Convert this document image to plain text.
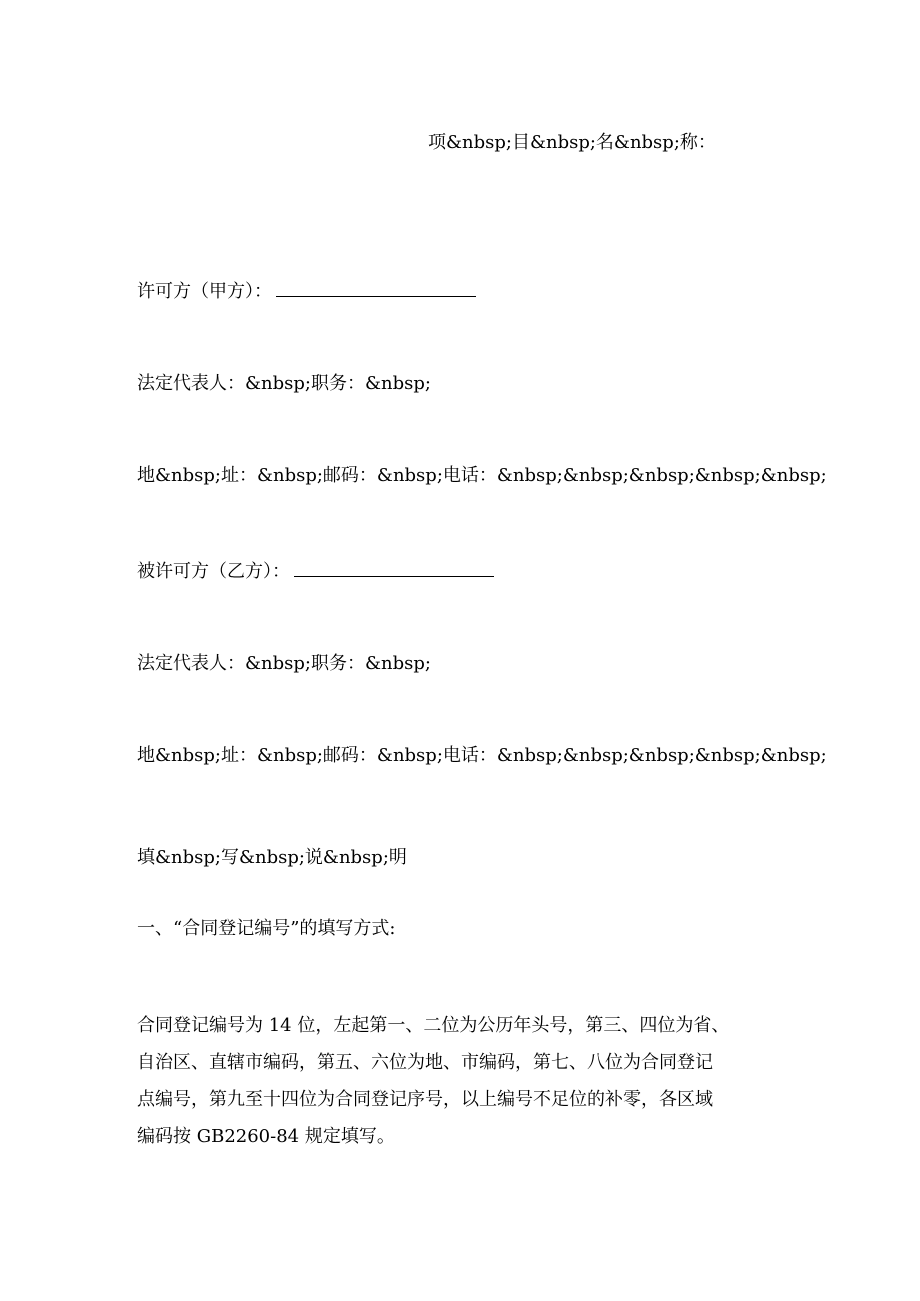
项&nbsp;目&nbsp;名&nbsp;称：
许可方（甲方）：
法定代表人：&nbsp;职务：&nbsp;
地&nbsp;址：&nbsp;邮码：&nbsp;电话：&nbsp;&nbsp;&nbsp;&nbsp;&nbsp;
被许可方（乙方）：
法定代表人：&nbsp;职务：&nbsp;
地&nbsp;址：&nbsp;邮码：&nbsp;电话：&nbsp;&nbsp;&nbsp;&nbsp;&nbsp;
填&nbsp;写&nbsp;说&nbsp;明
一、“合同登记编号”的填写方式:

合同登记编号为 14 位，左起第一、二位为公历年头号，第三、四位为省、

自治区、直辖市编码，第五、六位为地、市编码，第七、八位为合同登记

点编号，第九至十四位为合同登记序号，以上编号不足位的补零，各区域

编码按 GB2260-84 规定填写。
